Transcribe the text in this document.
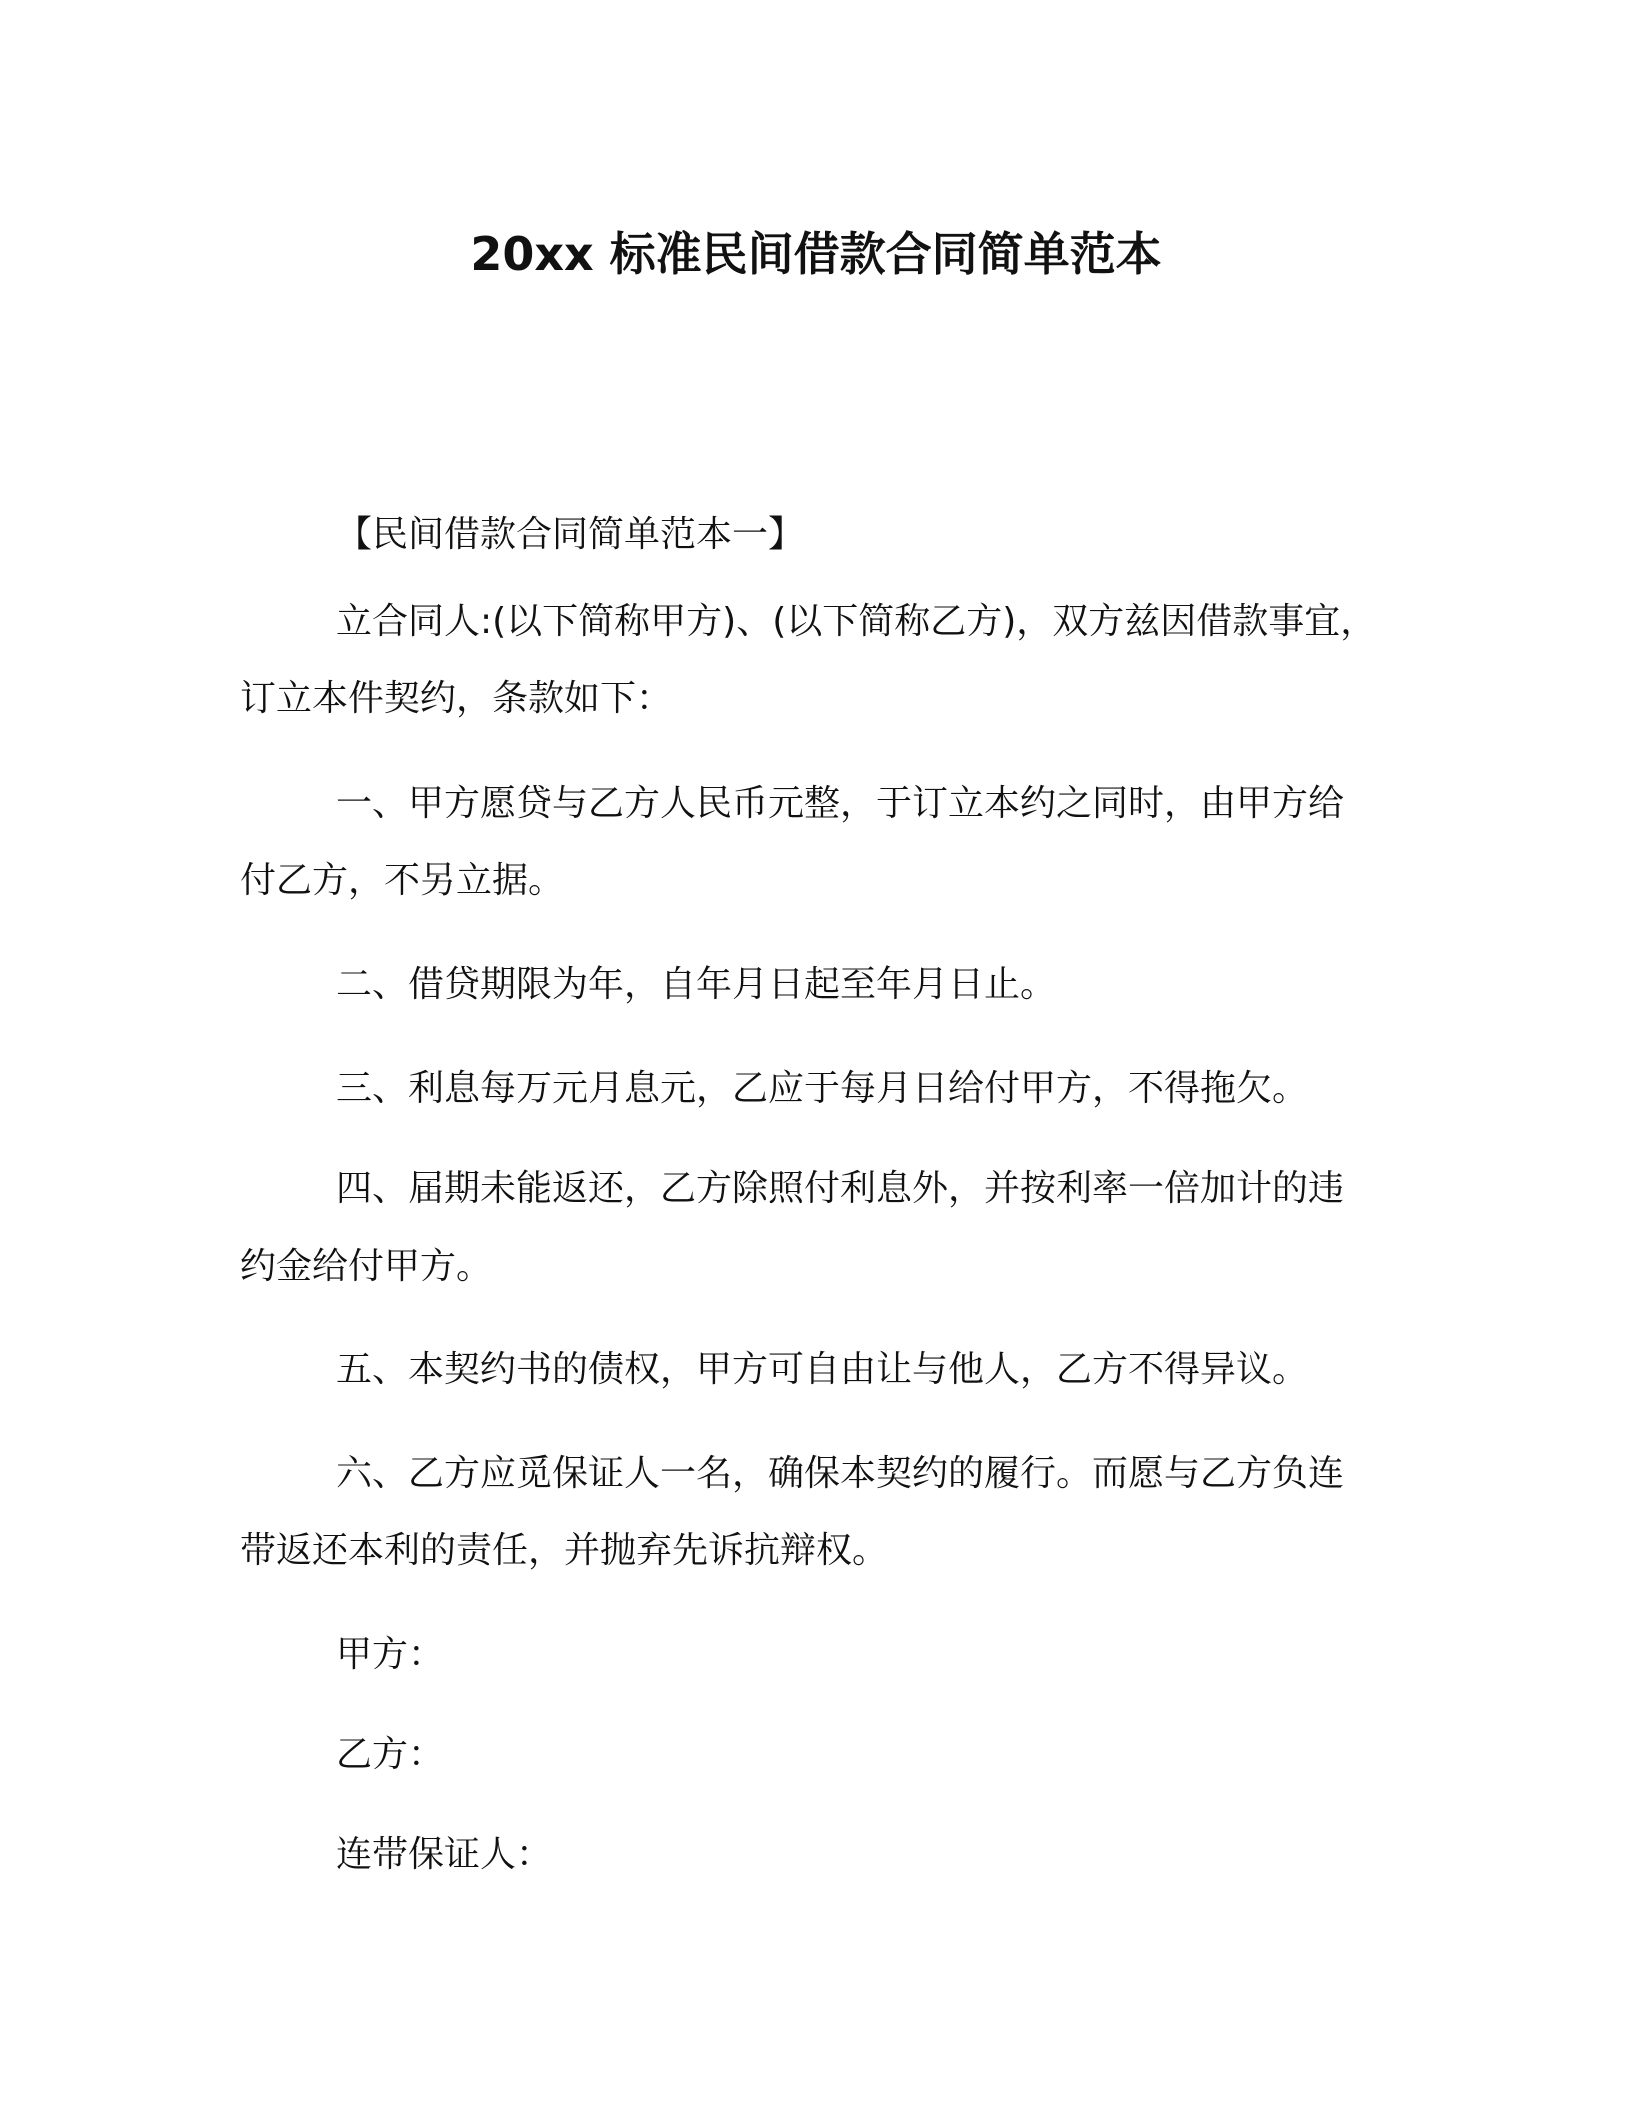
20xx 标准民间借款合同简单范本
【民间借款合同简单范本一】
立合同人:(以下简称甲方)、(以下简称乙方)，双方兹因借款事宜，
订立本件契约，条款如下：
一、甲方愿贷与乙方人民币元整，于订立本约之同时，由甲方给
付乙方，不另立据。
二、借贷期限为年，自年月日起至年月日止。
三、利息每万元月息元，乙应于每月日给付甲方，不得拖欠。
四、届期未能返还，乙方除照付利息外，并按利率一倍加计的违
约金给付甲方。
五、本契约书的债权，甲方可自由让与他人，乙方不得异议。
六、乙方应觅保证人一名，确保本契约的履行。而愿与乙方负连
带返还本利的责任，并抛弃先诉抗辩权。
甲方：
乙方：
连带保证人：
